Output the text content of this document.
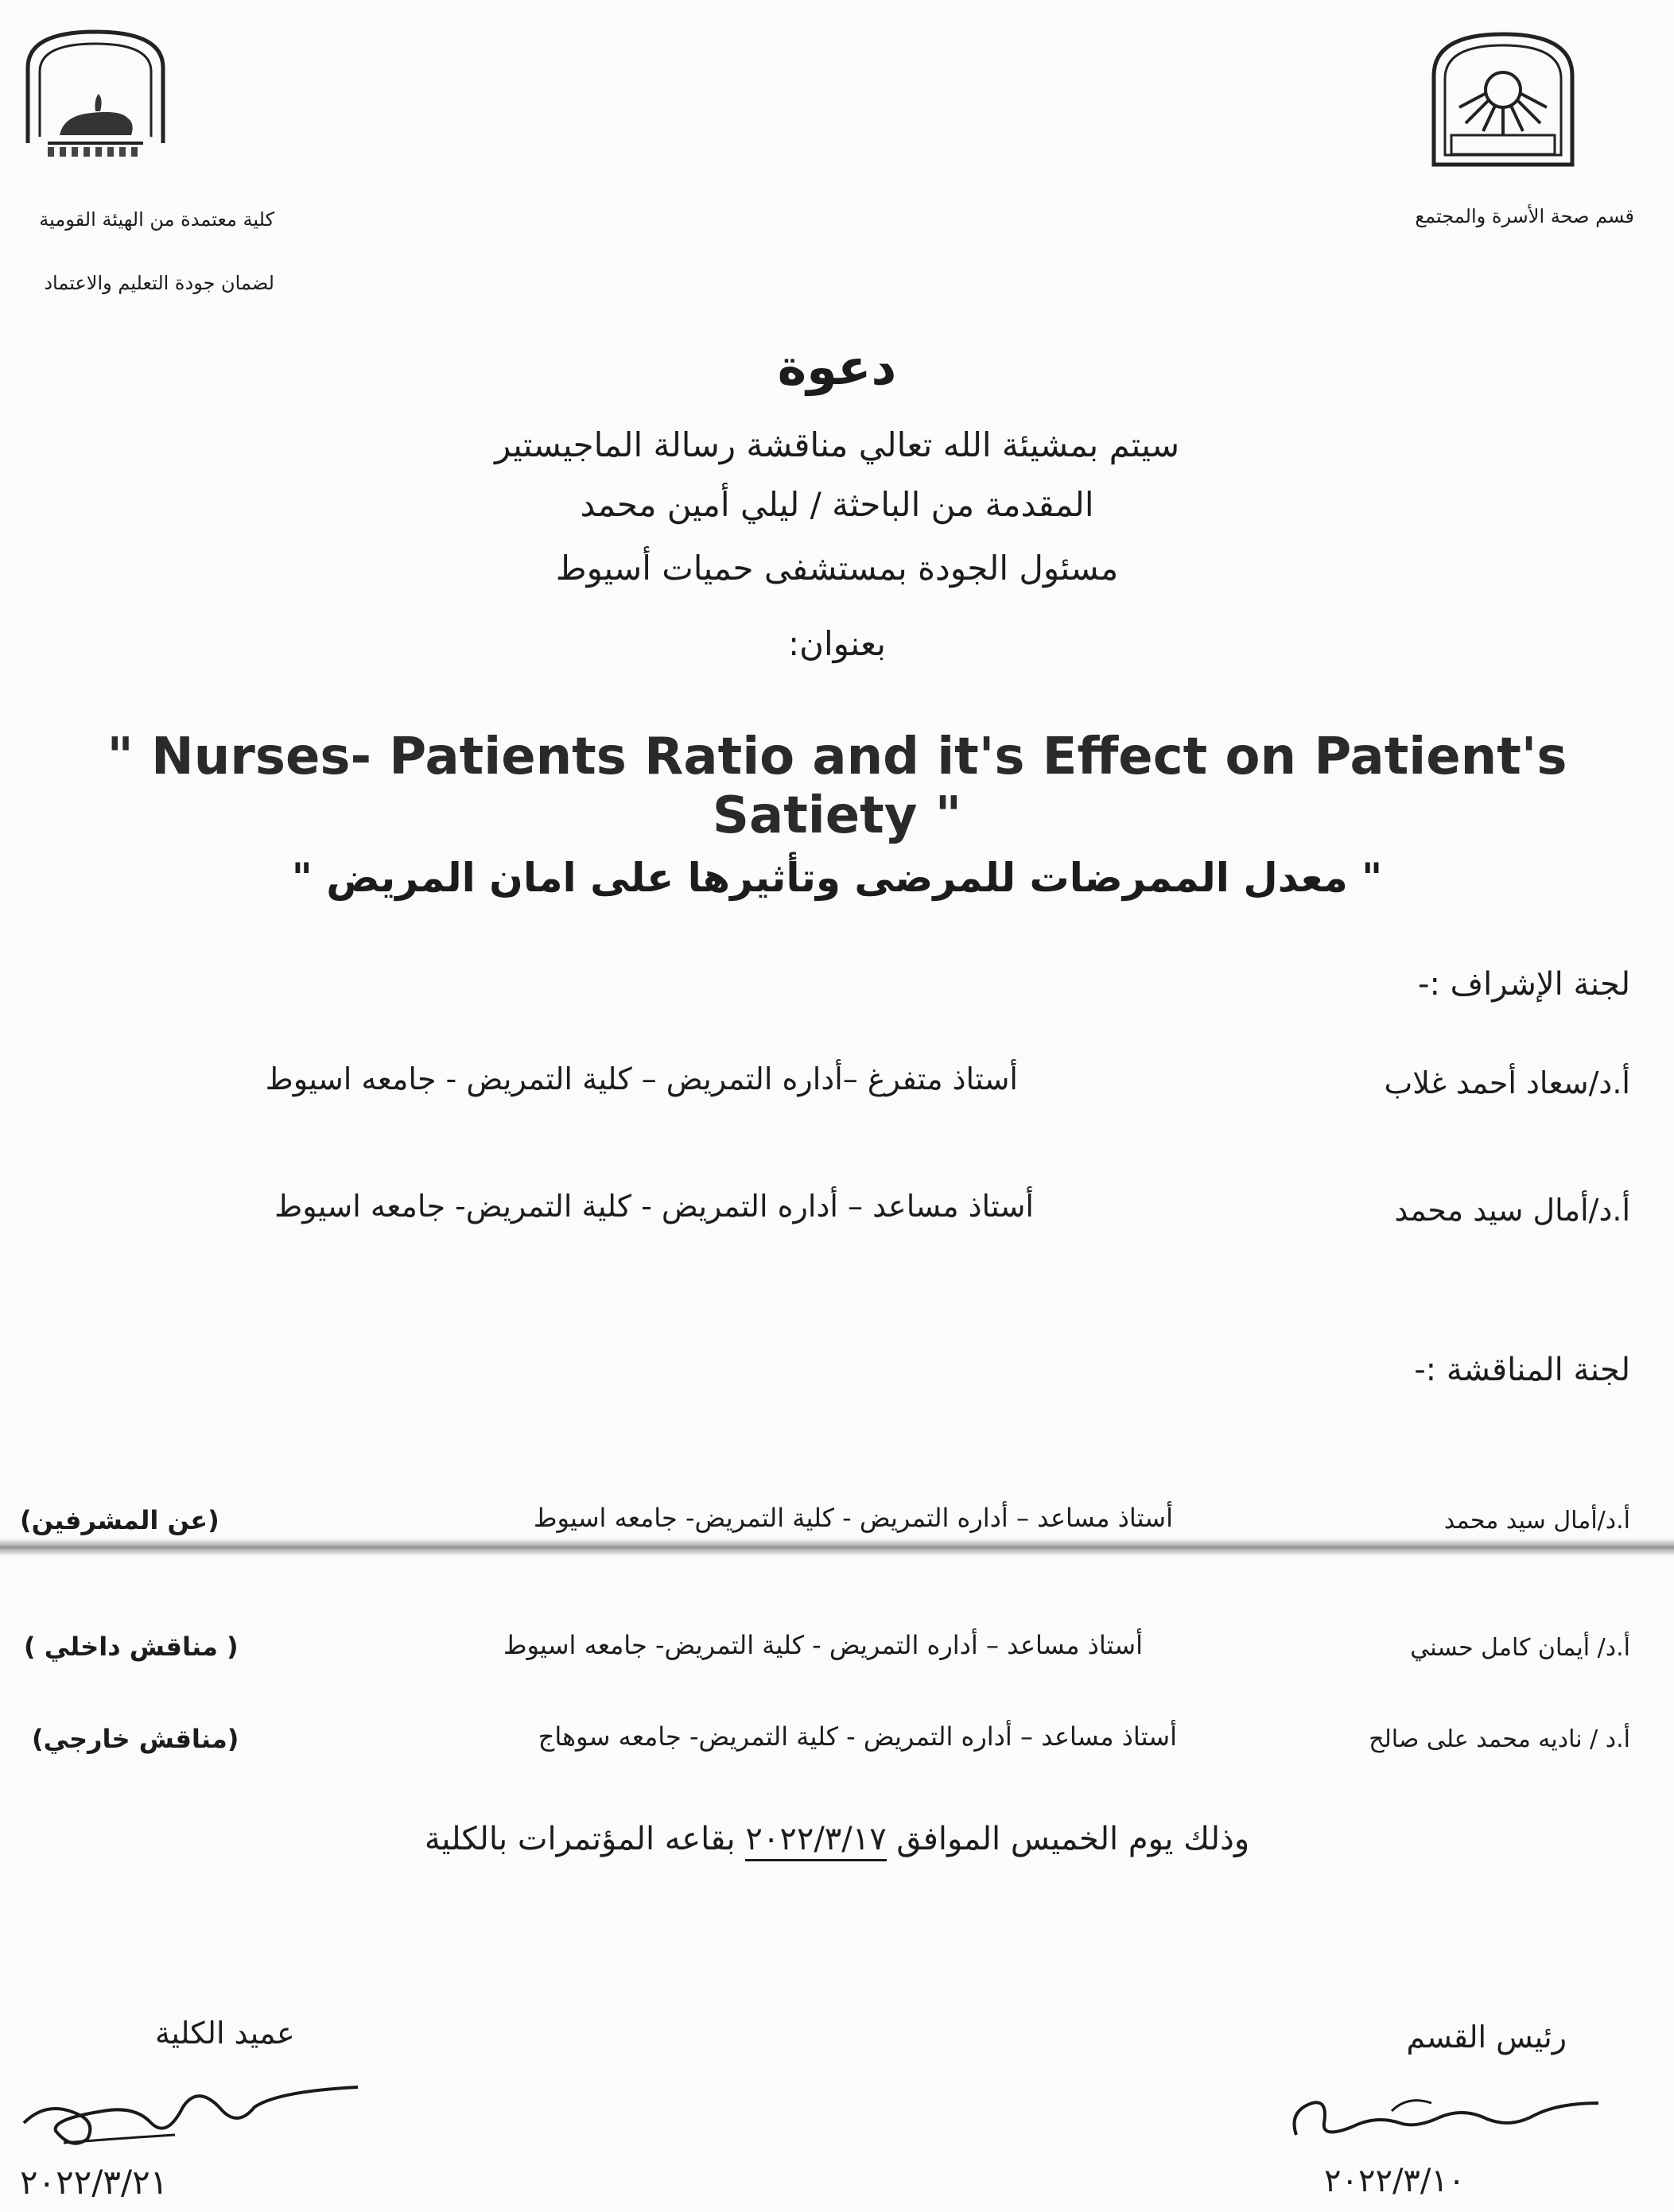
قسم صحة الأسرة والمجتمع
كلية معتمدة من الهيئة القومية
لضمان جودة التعليم والاعتماد
دعوة
سيتم بمشيئة الله تعالي مناقشة رسالة الماجيستير
المقدمة من الباحثة / ليلي أمين محمد
مسئول الجودة بمستشفى حميات أسيوط
بعنوان:
" Nurses- Patients Ratio and it's Effect on Patient's Satiety "
" معدل الممرضات للمرضى وتأثيرها على امان المريض "
لجنة الإشراف :-
أ.د/سعاد أحمد غلاب
أستاذ متفرغ –أداره التمريض – كلية التمريض - جامعه اسيوط
أ.د/أمال سيد محمد
أستاذ مساعد – أداره التمريض - كلية التمريض- جامعه اسيوط
لجنة المناقشة :-
أ.د/أمال سيد محمد
أستاذ مساعد – أداره التمريض - كلية التمريض- جامعه اسيوط
(عن المشرفين)
أ.د/ أيمان كامل حسني
أستاذ مساعد – أداره التمريض - كلية التمريض- جامعه اسيوط
( مناقش داخلي )
أ.د / ناديه محمد على صالح
أستاذ مساعد – أداره التمريض - كلية التمريض- جامعه سوهاج
(مناقش خارجي)
وذلك يوم الخميس الموافق ٢٠٢٢/٣/١٧ بقاعه المؤتمرات بالكلية
رئيس القسم
عميد الكلية
٢٠٢٢/٣/١٠
٢٠٢٢/٣/٢١
